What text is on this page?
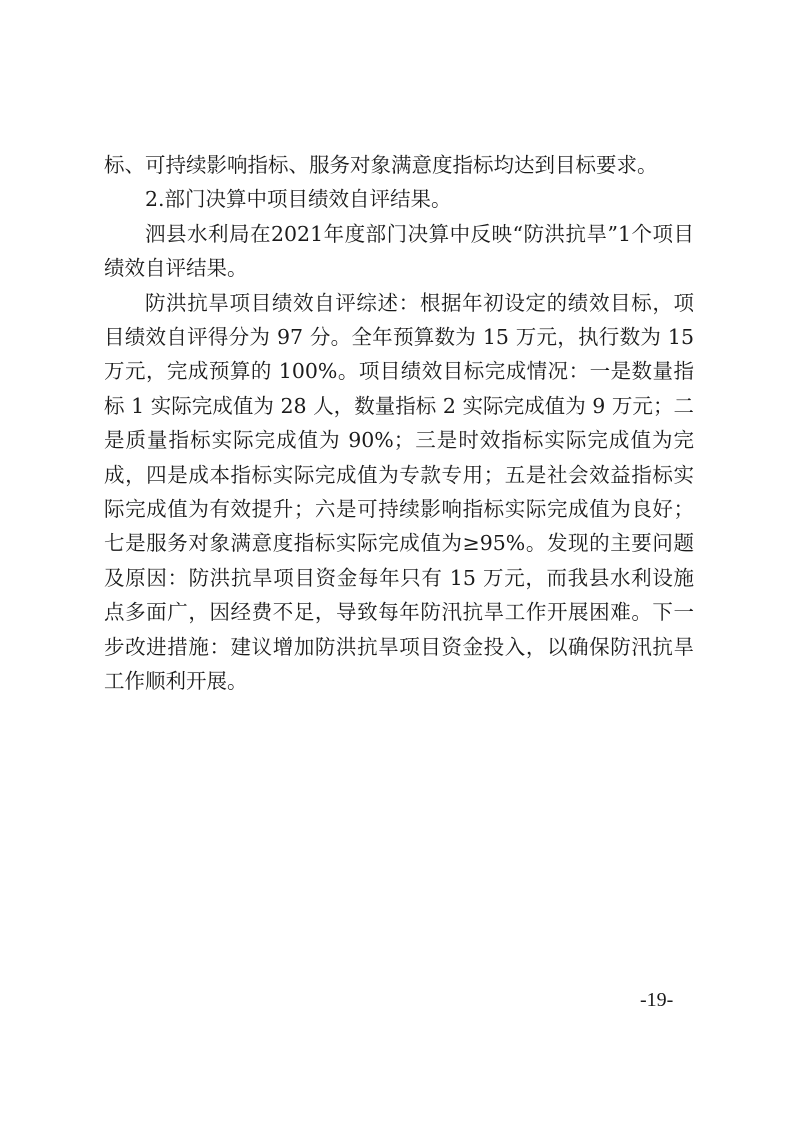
标、可持续影响指标、服务对象满意度指标均达到目标要求。

2.部门决算中项目绩效自评结果。

泗县水利局在2021年度部门决算中反映“防洪抗旱”1个项目绩效自评结果。

防洪抗旱项目绩效自评综述：根据年初设定的绩效目标，项目绩效自评得分为 97 分。全年预算数为 15 万元，执行数为 15 万元，完成预算的 100%。项目绩效目标完成情况：一是数量指标 1 实际完成值为 28 人，数量指标 2 实际完成值为 9 万元；二是质量指标实际完成值为 90%；三是时效指标实际完成值为完成，四是成本指标实际完成值为专款专用；五是社会效益指标实际完成值为有效提升；六是可持续影响指标实际完成值为良好；七是服务对象满意度指标实际完成值为≥95%。发现的主要问题及原因：防洪抗旱项目资金每年只有 15 万元，而我县水利设施点多面广，因经费不足，导致每年防汛抗旱工作开展困难。下一步改进措施：建议增加防洪抗旱项目资金投入，以确保防汛抗旱工作顺利开展。

-19-
